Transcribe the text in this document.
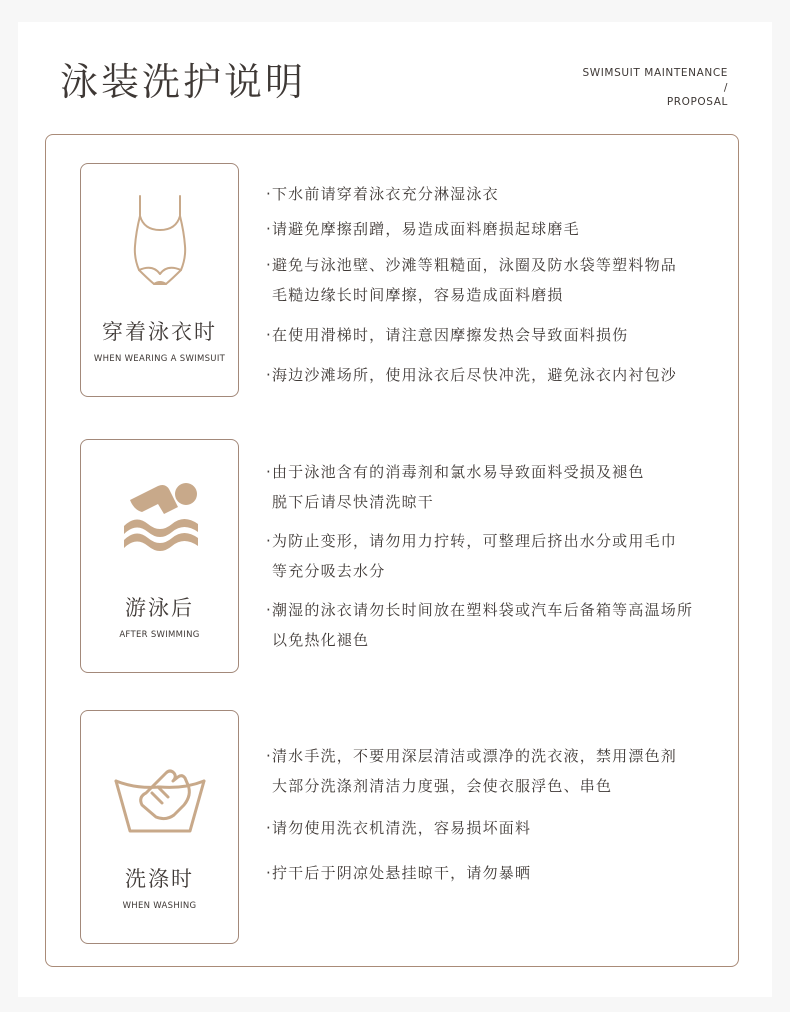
泳装洗护说明	SWIMSUIT MAINTENANCE
/
PROPOSAL
穿着泳衣时
WHEN WEARING A SWIMSUIT
·下水前请穿着泳衣充分淋湿泳衣
·请避免摩擦刮蹭，易造成面料磨损起球磨毛
·避免与泳池壁、沙滩等粗糙面，泳圈及防水袋等塑料物品
毛糙边缘长时间摩擦，容易造成面料磨损
·在使用滑梯时，请注意因摩擦发热会导致面料损伤
·海边沙滩场所，使用泳衣后尽快冲洗，避免泳衣内衬包沙
游泳后
AFTER SWIMMING
·由于泳池含有的消毒剂和氯水易导致面料受损及褪色
脱下后请尽快清洗晾干
·为防止变形，请勿用力拧转，可整理后挤出水分或用毛巾
等充分吸去水分
·潮湿的泳衣请勿长时间放在塑料袋或汽车后备箱等高温场所
以免热化褪色
洗涤时
WHEN WASHING
·清水手洗，不要用深层清洁或漂净的洗衣液，禁用漂色剂
大部分洗涤剂清洁力度强，会使衣服浮色、串色
·请勿使用洗衣机清洗，容易损坏面料
·拧干后于阴凉处悬挂晾干，请勿暴晒
